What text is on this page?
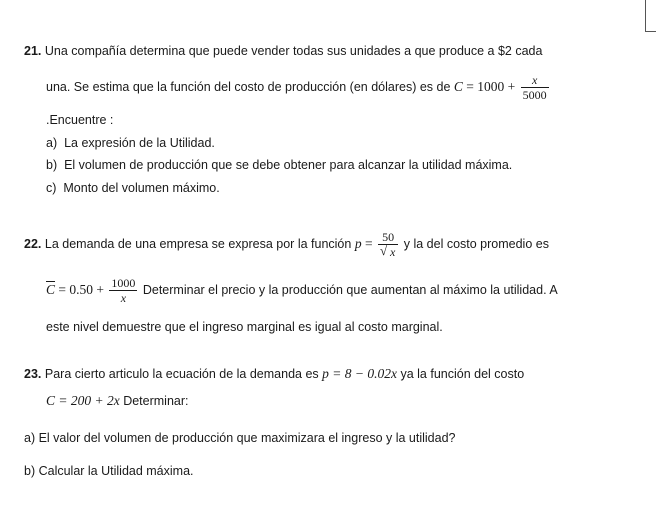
21. Una compañía determina que puede vender todas sus unidades a que produce a $2 cada
una. Se estima que la función del costo de producción (en dólares) es de $C = 1000 + \frac{x}{5000}$
.Encuentre :
a) La expresión de la Utilidad.
b) El volumen de producción que se debe obtener para alcanzar la utilidad máxima.
c) Monto del volumen máximo.
22. La demanda de una empresa se expresa por la función p = 50
√ x y la del costo promedio es
$\overline{C} = 0.50 + \frac{1000}{x}$ Determinar el precio y la producción que aumentan al máximo la utilidad. A
este nivel demuestre que el ingreso marginal es igual al costo marginal.
23. Para cierto articulo la ecuación de la demanda es p = 8 − 0.02x ya la función del costo
C = 200 + 2x Determinar:
a) El valor del volumen de producción que maximizara el ingreso y la utilidad?
b) Calcular la Utilidad máxima.
